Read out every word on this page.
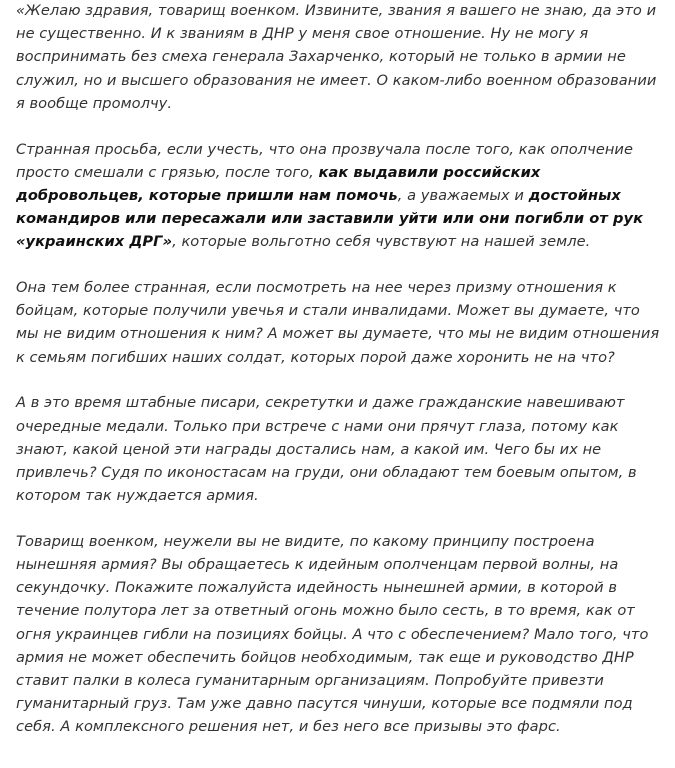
«Желаю здравия, товарищ военком. Извините, звания я вашего не знаю, да это и не существенно. И к званиям в ДНР у меня свое отношение. Ну не могу я воспринимать без смеха генерала Захарченко, который не только в армии не служил, но и высшего образования не имеет. О каком-либо военном образовании я вообще промолчу.

Странная просьба, если учесть, что она прозвучала после того, как ополчение просто смешали с грязью, после того, как выдавили российских добровольцев, которые пришли нам помочь, а уважаемых и достойных командиров или пересажали или заставили уйти или они погибли от рук «украинских ДРГ», которые вольготно себя чувствуют на нашей земле.

Она тем более странная, если посмотреть на нее через призму отношения к бойцам, которые получили увечья и стали инвалидами. Может вы думаете, что мы не видим отношения к ним? А может вы думаете, что мы не видим отношения к семьям погибших наших солдат, которых порой даже хоронить не на что?

А в это время штабные писари, секретутки и даже гражданские навешивают очередные медали. Только при встрече с нами они прячут глаза, потому как знают, какой ценой эти награды достались нам, а какой им. Чего бы их не привлечь? Судя по иконостасам на груди, они обладают тем боевым опытом, в котором так нуждается армия.

Товарищ военком, неужели вы не видите, по какому принципу построена нынешняя армия? Вы обращаетесь к идейным ополченцам первой волны, на секундочку. Покажите пожалуйста идейность нынешней армии, в которой в течение полутора лет за ответный огонь можно было сесть, в то время, как от огня украинцев гибли на позициях бойцы. А что с обеспечением? Мало того, что армия не может обеспечить бойцов необходимым, так еще и руководство ДНР ставит палки в колеса гуманитарным организациям. Попробуйте привезти гуманитарный груз. Там уже давно пасутся чинуши, которые все подмяли под себя. А комплексного решения нет, и без него все призывы это фарс.
